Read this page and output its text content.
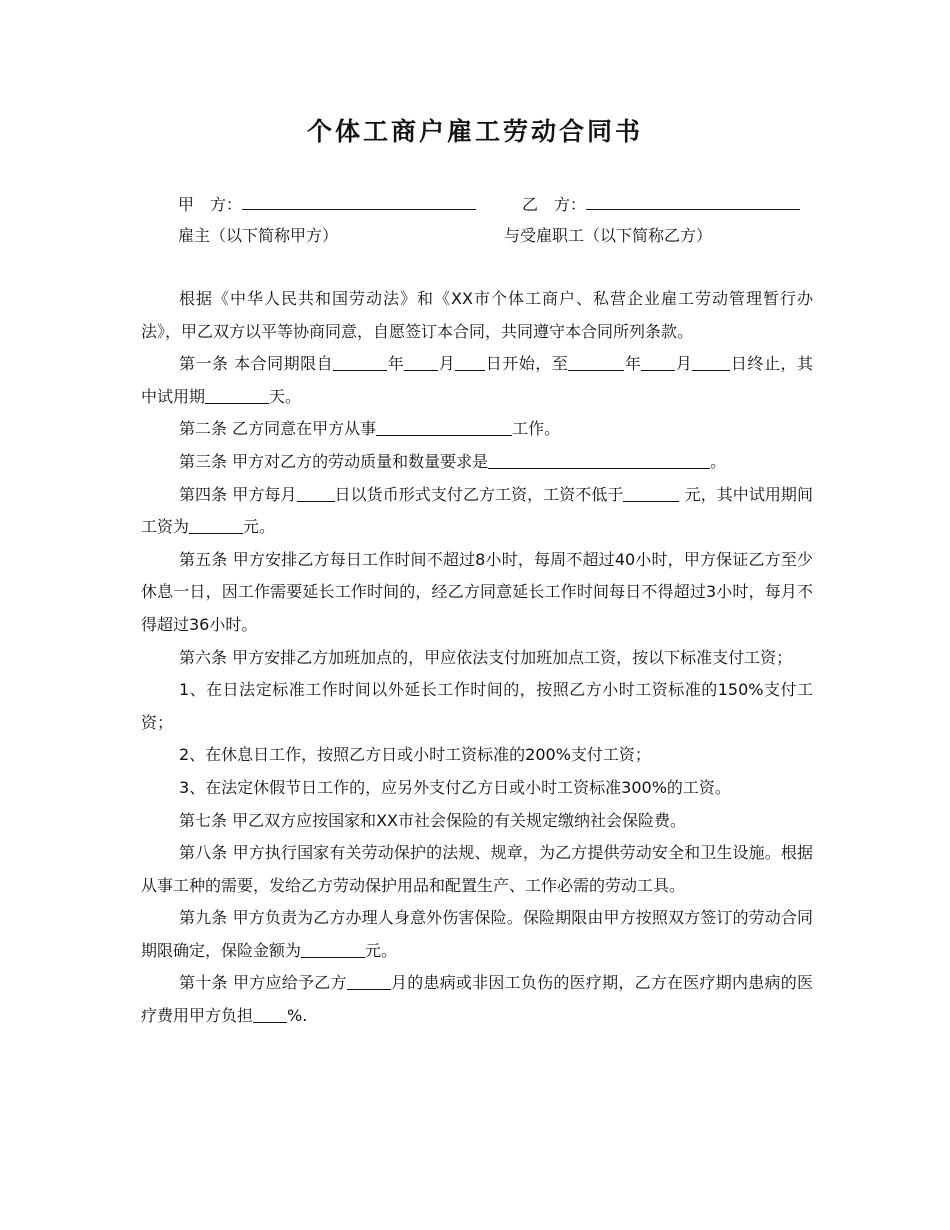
个体工商户雇工劳动合同书
甲　方：
雇主（以下简称甲方）
乙　方：
与受雇职工（以下简称乙方）

根据《中华人民共和国劳动法》和《XX市个体工商户、私营企业雇工劳动管理暂行办法》，甲乙双方以平等协商同意，自愿签订本合同，共同遵守本合同所列条款。

第一条 本合同期限自	年 月 日开始，至	年 月 日终止，其中试用期	天。

第二条 乙方同意在甲方从事	工作。

第三条 甲方对乙方的劳动质量和数量要求是	。

第四条 甲方每月 日以货币形式支付乙方工资，工资不低于	元，其中试用期间工资为	元。

第五条 甲方安排乙方每日工作时间不超过8小时，每周不超过40小时，甲方保证乙方至少休息一日，因工作需要延长工作时间的，经乙方同意延长工作时间每日不得超过3小时，每月不得超过36小时。

第六条 甲方安排乙方加班加点的，甲应依法支付加班加点工资，按以下标准支付工资；

1、在日法定标准工作时间以外延长工作时间的，按照乙方小时工资标准的150%支付工资；

2、在休息日工作，按照乙方日或小时工资标准的200%支付工资；

3、在法定休假节日工作的，应另外支付乙方日或小时工资标准300%的工资。

第七条 甲乙双方应按国家和XX市社会保险的有关规定缴纳社会保险费。

第八条 甲方执行国家有关劳动保护的法规、规章，为乙方提供劳动安全和卫生设施。根据从事工种的需要，发给乙方劳动保护用品和配置生产、工作必需的劳动工具。

第九条 甲方负责为乙方办理人身意外伤害保险。保险期限由甲方按照双方签订的劳动合同期限确定，保险金额为	元。

第十条 甲方应给予乙方	月的患病或非因工负伤的医疗期，乙方在医疗期内患病的医疗费用甲方负担 %.
